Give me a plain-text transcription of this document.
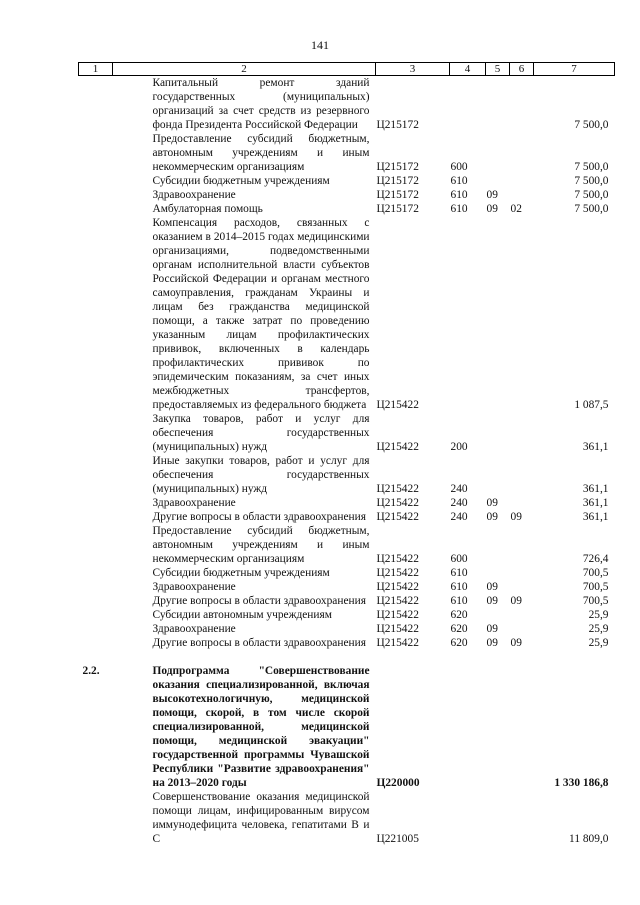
141
1	2	3	4	5	6	7
	Капитальный ремонт зданий государственных (муниципальных) организаций за счет средств из резервного фонда Президента Российской Федерации	Ц215172				7 500,0
	Предоставление субсидий бюджетным, автономным учреждениям и иным некоммерческим организациям	Ц215172	600			7 500,0
	Субсидии бюджетным учреждениям	Ц215172	610			7 500,0
	Здравоохранение	Ц215172	610	09		7 500,0
	Амбулаторная помощь	Ц215172	610	09	02	7 500,0
	Компенсация расходов, связанных с оказанием в 2014–2015 годах медицинскими организациями, подведомственными органам исполнительной власти субъектов Российской Федерации и органам местного самоуправления, гражданам Украины и лицам без гражданства медицинской помощи, а также затрат по проведению указанным лицам профилактических прививок, включенных в календарь профилактических прививок по эпидемическим показаниям, за счет иных межбюджетных трансфертов, предоставляемых из федерального бюджета	Ц215422				1 087,5
	Закупка товаров, работ и услуг для обеспечения государственных (муниципальных) нужд	Ц215422	200			361,1
	Иные закупки товаров, работ и услуг для обеспечения государственных (муниципальных) нужд	Ц215422	240			361,1
	Здравоохранение	Ц215422	240	09		361,1
	Другие вопросы в области здравоохранения	Ц215422	240	09	09	361,1
	Предоставление субсидий бюджетным, автономным учреждениям и иным некоммерческим организациям	Ц215422	600			726,4
	Субсидии бюджетным учреждениям	Ц215422	610			700,5
	Здравоохранение	Ц215422	610	09		700,5
	Другие вопросы в области здравоохранения	Ц215422	610	09	09	700,5
	Субсидии автономным учреждениям	Ц215422	620			25,9
	Здравоохранение	Ц215422	620	09		25,9
	Другие вопросы в области здравоохранения	Ц215422	620	09	09	25,9

2.2.	Подпрограмма "Совершенствование оказания специализированной, включая высокотехнологичную, медицинской помощи, скорой, в том числе скорой специализированной, медицинской помощи, медицинской эвакуации" государственной программы Чувашской Республики "Развитие здравоохранения" на 2013–2020 годы	Ц220000				1 330 186,8
	Совершенствование оказания медицинской помощи лицам, инфицированным вирусом иммунодефицита человека, гепатитами B и C	Ц221005				11 809,0
